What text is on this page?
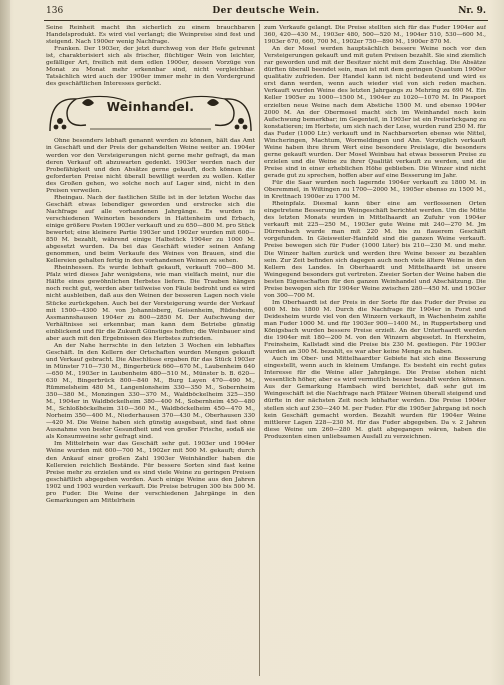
136	Der deutsche Wein.	Nr. 9.

Seine Reinheit macht ihn sicherlich zu einem brauchbaren Handelsprodukt. Es wird viel verlangt; die Weinpreise sind fest und steigend. Nach 1900er wenig Nachfrage.

Franken. Der 1903er, der jetzt durchweg von der Hefe getrennt ist, charakterisiert sich als frischer, flüchtiger Wein von leichter, gefälliger Art, freilich mit dem edlen 1900er, dessen Vorzüge von Monat zu Monat mehr erkennbar sind, nicht vergleichbar. Tatsächlich wird auch der 1900er immer mehr in den Vordergrund des geschäftlichen Interesses gerückt.

Weinhandel.

Ohne besonders lebhaft genannt werden zu können, hält das Amt in Geschäft und der Preis der gehandelten Weine weiter an. 1904er werden vor den Versteigerungen nicht gerne mehr gefragt, da man deren Verkauf oft abzuwarten gedenkt. 1903er werden nach der Probefähigkeit und den Absätze gerne gekauft, doch können die geforderten Preise nicht überall bewilligt werden zu wollen. Keller des Großen gehen, wo solche noch auf Lager sind, nicht in den Preisen verweilen.

Rheingau. Nach der fastlichen Stille ist in der letzten Woche das Geschäft etwas lebendiger geworden und erstrecke sich die Nachfrage auf alle vorhandenen Jahrgänge. Es wurden in verschiedenen Weinorten besonders in Hattenheim und Erbach, einige größere Posten 1903er verkauft und zu 650—800 M. pro Stück bewertet; eine kleinere Partie 1903er und 1902er wurden mit 600—850 M. bezahlt, während einige Halbstück 1904er zu 1000 M. abgesetzt wurden. Da bei das Geschäft wieder seinen Anfang genommen, und beim Verkaufe des Weines von Brauen, sind die Kellereien gehalten fertig in den vorhandenen Weinen zu sehen.

Rheinhessen. Es wurde lebhaft gekauft, verkauft 700—800 M. Pfalz wird dieses Jahr wenigstens, wie man vielfach meint, nur die Hälfte eines gewöhnlichen Herbstes liefern. Die Trauben hängen noch recht gut, werden aber teilweise von Fäule bedroht und es wird nicht ausbleiben, daß aus den Weinen der besseren Lagen noch viele Stücke zurückgehen. Auch bei der Versteigerung wurde der Verkauf mit 1500—4300 M. von Johannisberg, Geisenheim, Rüdesheim, Assmannshausen 1904er zu 800—2850 M. Der Aufschwung der Verhältnisse sei erkennbar, man kann dem Betriebe günstig einblickend und für die Zukunft Günstiges hoffen; die Weinbauer sind aber auch mit den Ergebnissen des Herbstes zufrieden.

An der Nahe herrschte in den letzten 3 Wochen ein lebhaftes Geschäft. In den Kellern der Ortschaften wurden Mengen gekauft und Verkauf gebracht. Die Abschlüsse ergaben für das Stück 1903er in Münster 710—730 M., Bingerbrück 660—670 M., Laubenheim 640—650 M., 1903er in Laubenheim 480—510 M., Münster b. B. 620—630 M., Bingerbrück 800—840 M., Burg Layen 470—490 M., Rümmelsheim 480 M., Langenlonsheim 330—350 M., Sobernheim 350—380 M., Monzingen 330—370 M., Waldböckelheim 325—350 M., 1904er in Waldböckelheim 380—400 M., Sobernheim 450—480 M., Schloßböckelheim 310—360 M., Waldböckelheim 450—470 M., Norheim 350—400 M., Niederhausen 370—430 M., Oberhausen 330—420 M. Die Weine haben sich günstig ausgebaut, sind fast ohne Ausnahme von bester Gesundheit und von großer Frische, sodaß sie als Konsumweine sehr gefragt sind.

Im Mittelrhein war das Geschäft sehr gut. 1903er und 1904er Weine wurden mit 600—700 M., 1902er mit 500 M. gekauft; durch den Ankauf einer großen Zahl 1903er Weinhändler haben die Kellereien reichlich Bestände. Für bessere Sorten sind fast keine Preise mehr zu erzielen und es sind viele Weine zu geringen Preisen geschäftlich abgegeben worden. Auch einige Weine aus den Jahren 1902 und 1903 wurden verkauft. Die Preise betrugen 300 bis 500 M. pro Fuder. Die Weine der verschiedenen Jahrgänge in den Gemarkungen am Mittelrhein

zum Verkaufe gelangt. Die Preise stellten sich für das Fuder 1904er auf 360, 420—430 M., 1903er 480, 500—520 M., 1904er 510, 530—600 M., 1903er 670, 660, 700 M., 1902er 750—890 M., 1900er 870 M.

An der Mosel werden hauptsächlich bessere Weine noch vor den Versteigerungen gekauft und mit guten Preisen bezahlt. Sie sind ziemlich rar geworden und mit der Besitzer nicht mit dem Zuschlag. Die Absätze dürften überall beendet sein, man ist mit dem geringen Quantum 1900er qualitativ zufrieden. Der Handel kann ist nicht bedeutend und wird es erst dann werden, wenn auch wieder viel von sich reden machen. Verkauft wurden Weine des letzten Jahrgangs zu Mehring zu 690 M. Ein Keller 1905er zu 1000—1500 M., 1904er zu 1020—1070 M. In Piesport erzielten neue Weine nach dem Abstiche 1500 M. und ebenso 1904er 2000 M. An der Obermosel macht sich im Weinhandel noch kein Aufschwung bemerkbar; im Gegenteil, in 1903er ist ein Preisrückgang zu konstatieren; im Herbste, um sich nach der Lese, wurden rund 250 M. für das Fuder (1000 Ltr.) verkauft und in Nachbarsorten ebenso wie Nittel, Wincheringen, Machtum, Wormeldingen und Ahn. Vorzüglich verkauft Weine haben ihre ihrem Wert eine besondere Preislage, die besonders gerne gekauft wurden. Der Mosel Weinbau hat etwas besseren Preise zu erzielen und die Weine zu ihrer Qualität verkauft zu werden, und die Preise sind in einer erheblichen Höhe geblieben. Die Winzer sind nicht gerade gut zu sprechen, hoffen aber auf eine Besserung im Jahr.

Für die Saar wurden noch lagernde 1904er verkauft zu 1800 M. in Oberemmel, in Wiltingen zu 1700—2000 M., 1905er ebenso zu 1500 M., in Krettnach 1900er zu 1700 M.

Rheinpfalz. Diesmal kann über eine am verflossenen Orten eingetretene Besserung im Weingeschäft berichtet werden. Um die Mitte des letzten Monats wurden in Mittelhaardt an Zufuhr von 1904er verkauft mit 225—250 M., 1903er gute Weine mit 240—270 M. Jm Dürrenbach wurde man mit 220 M. bis zu flauerem Geschäft vorgefunden. In Gleisweiler-Hainfeld sind die ganzen Weine verkauft. Preise bewegen sich für Fuder (1000 Liter) bis 210—230 M. und mehr. Die Winzer halten zurück und werden ihre Weine besser zu bezahlen sein. Zur Zeit befinden sich dagegen auch noch viele ältere Weine in den Kellern des Landes. In Oberhaardt und Mittelhaardt ist unsere Weingegend besonders gut vertreten. Zweier Sorten der Weine haben die besten Eigenschaften für den ganzen Weinhandel und Abschätzung. Die Preise bewegen sich für 1904er Weine zwischen 280—450 M. und 1903er von 300—700 M.

Im Oberhaardt ist der Preis in der Sorte für das Fuder der Preise zu 600 M. bis 1800 M. Durch die Nachfrage für 1904er in Forst und Deidesheim wurde viel von den Winzern verkauft, in Wachenheim zahlte man Fuder 1000 M. und für 1903er 900—1400 M., in Ruppertsberg und Königsbach wurden bessere Preise erzielt. An der Unterhaardt werden die 1904er mit 180—200 M. von den Winzern abgesetzt. In Herxheim, Freinsheim, Kallstadt sind die Preise bis 230 M. gestiegen. Für 1903er wurden an 300 M. bezahlt, es war aber keine Menge zu haben.

Auch im Ober- und Mittelhaardter Gebiete hat sich eine Besserung eingestellt, wenn auch in kleinem Umfange. Es besteht ein recht gutes Interesse für die Weine aller Jahrgänge. Die Preise stehen nicht wesentlich höher, aber es wird vermutlich besser bezahlt werden können. Aus der Gemarkung Hambach wird berichtet, daß sehr gut im Weingeschäft ist die Nachfrage nach Pfälzer Weinen überall steigend und dürfte in der nächsten Zeit noch lebhafter werden. Die Preise 1904er stellen sich auf 230—240 M. per Fuder. Für die 1905er Jahrgang ist noch kein Geschäft gemacht worden. Bezahlt wurden für 1904er Weine mittlerer Lagen 228—230 M. für das Fuder abgegeben. Da v. 2 Jahren diese Weine um 260—280 M. glatt abgegangen wären, haben die Produzenten einen unliebsamen Ausfall zu verzeichnen.
